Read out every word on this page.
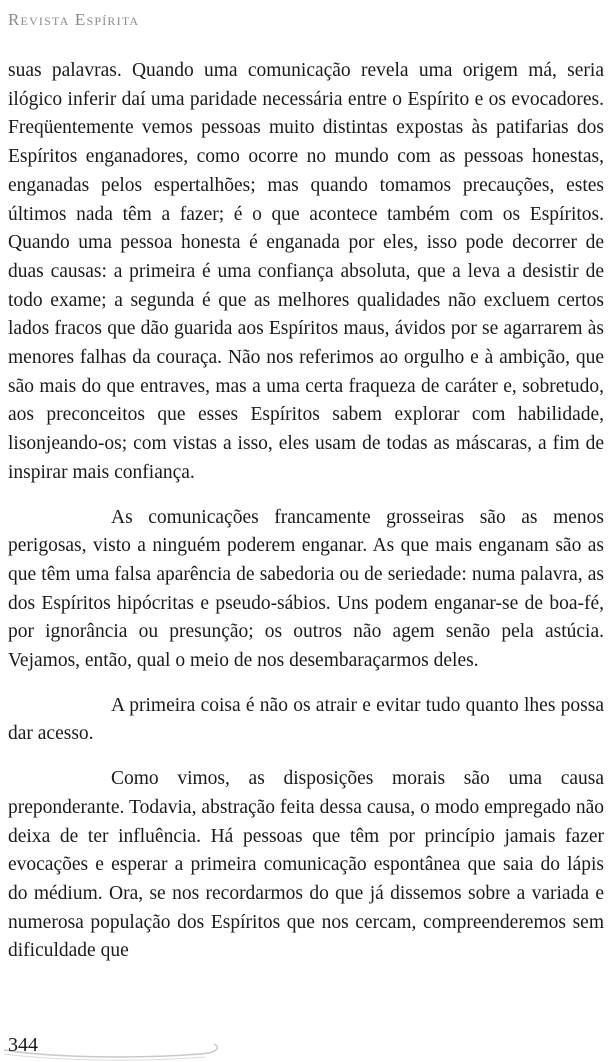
Revista Espírita

suas palavras. Quando uma comunicação revela uma origem má, seria ilógico inferir daí uma paridade necessária entre o Espírito e os evocadores. Freqüentemente vemos pessoas muito distintas expostas às patifarias dos Espíritos enganadores, como ocorre no mundo com as pessoas honestas, enganadas pelos espertalhões; mas quando tomamos precauções, estes últimos nada têm a fazer; é o que acontece também com os Espíritos. Quando uma pessoa honesta é enganada por eles, isso pode decorrer de duas causas: a primeira é uma confiança absoluta, que a leva a desistir de todo exame; a segunda é que as melhores qualidades não excluem certos lados fracos que dão guarida aos Espíritos maus, ávidos por se agarrarem às menores falhas da couraça. Não nos referimos ao orgulho e à ambição, que são mais do que entraves, mas a uma certa fraqueza de caráter e, sobretudo, aos preconceitos que esses Espíritos sabem explorar com habilidade, lisonjeando-os; com vistas a isso, eles usam de todas as máscaras, a fim de inspirar mais confiança.

As comunicações francamente grosseiras são as menos perigosas, visto a ninguém poderem enganar. As que mais enganam são as que têm uma falsa aparência de sabedoria ou de seriedade: numa palavra, as dos Espíritos hipócritas e pseudo-sábios. Uns podem enganar-se de boa-fé, por ignorância ou presunção; os outros não agem senão pela astúcia. Vejamos, então, qual o meio de nos desembaraçarmos deles.

A primeira coisa é não os atrair e evitar tudo quanto lhes possa dar acesso.

Como vimos, as disposições morais são uma causa preponderante. Todavia, abstração feita dessa causa, o modo empregado não deixa de ter influência. Há pessoas que têm por princípio jamais fazer evocações e esperar a primeira comunicação espontânea que saia do lápis do médium. Ora, se nos recordarmos do que já dissemos sobre a variada e numerosa população dos Espíritos que nos cercam, compreenderemos sem dificuldade que

344
